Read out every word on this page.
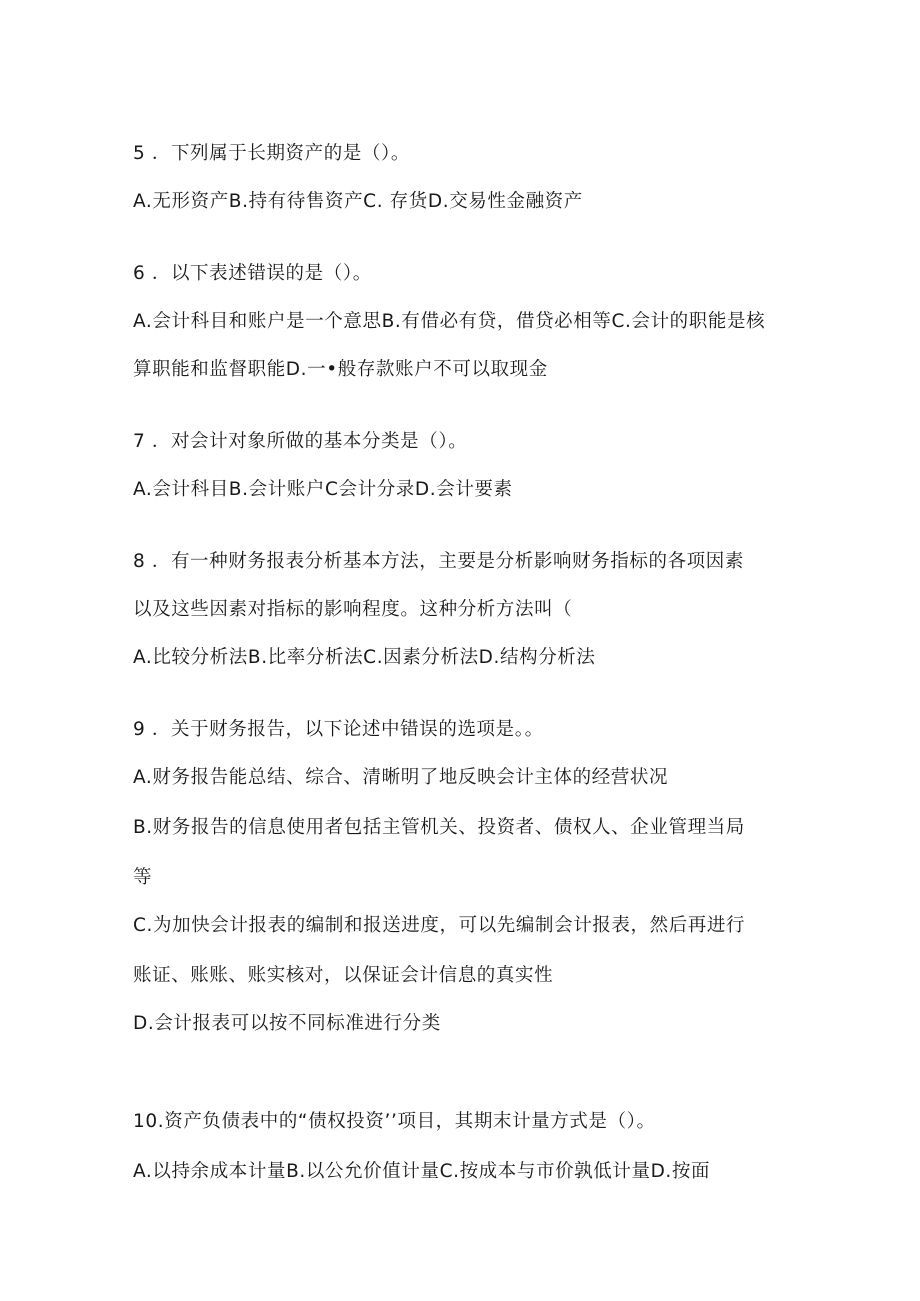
5 ．下列属于长期资产的是（）。
A.无形资产B.持有待售资产C. 存货D.交易性金融资产
6 ．以下表述错误的是（）。
A.会计科目和账户是一个意思B.有借必有贷，借贷必相等C.会计的职能是核
算职能和监督职能D.一•般存款账户不可以取现金
7 ．对会计对象所做的基本分类是（）。
A.会计科目B.会计账户C会计分录D.会计要素
8 ．有一种财务报表分析基本方法，主要是分析影响财务指标的各项因素
以及这些因素对指标的影响程度。这种分析方法叫（
A.比较分析法B.比率分析法C.因素分析法D.结构分析法
9 ．关于财务报告，以下论述中错误的选项是。。
A.财务报告能总结、综合、清晰明了地反映会计主体的经营状况
B.财务报告的信息使用者包括主管机关、投资者、债权人、企业管理当局
等
C.为加快会计报表的编制和报送进度，可以先编制会计报表，然后再进行
账证、账账、账实核对，以保证会计信息的真实性
D.会计报表可以按不同标准进行分类
10.资产负债表中的“债权投资’’项目，其期末计量方式是（）。
A.以持余成本计量B.以公允价值计量C.按成本与市价孰低计量D.按面
